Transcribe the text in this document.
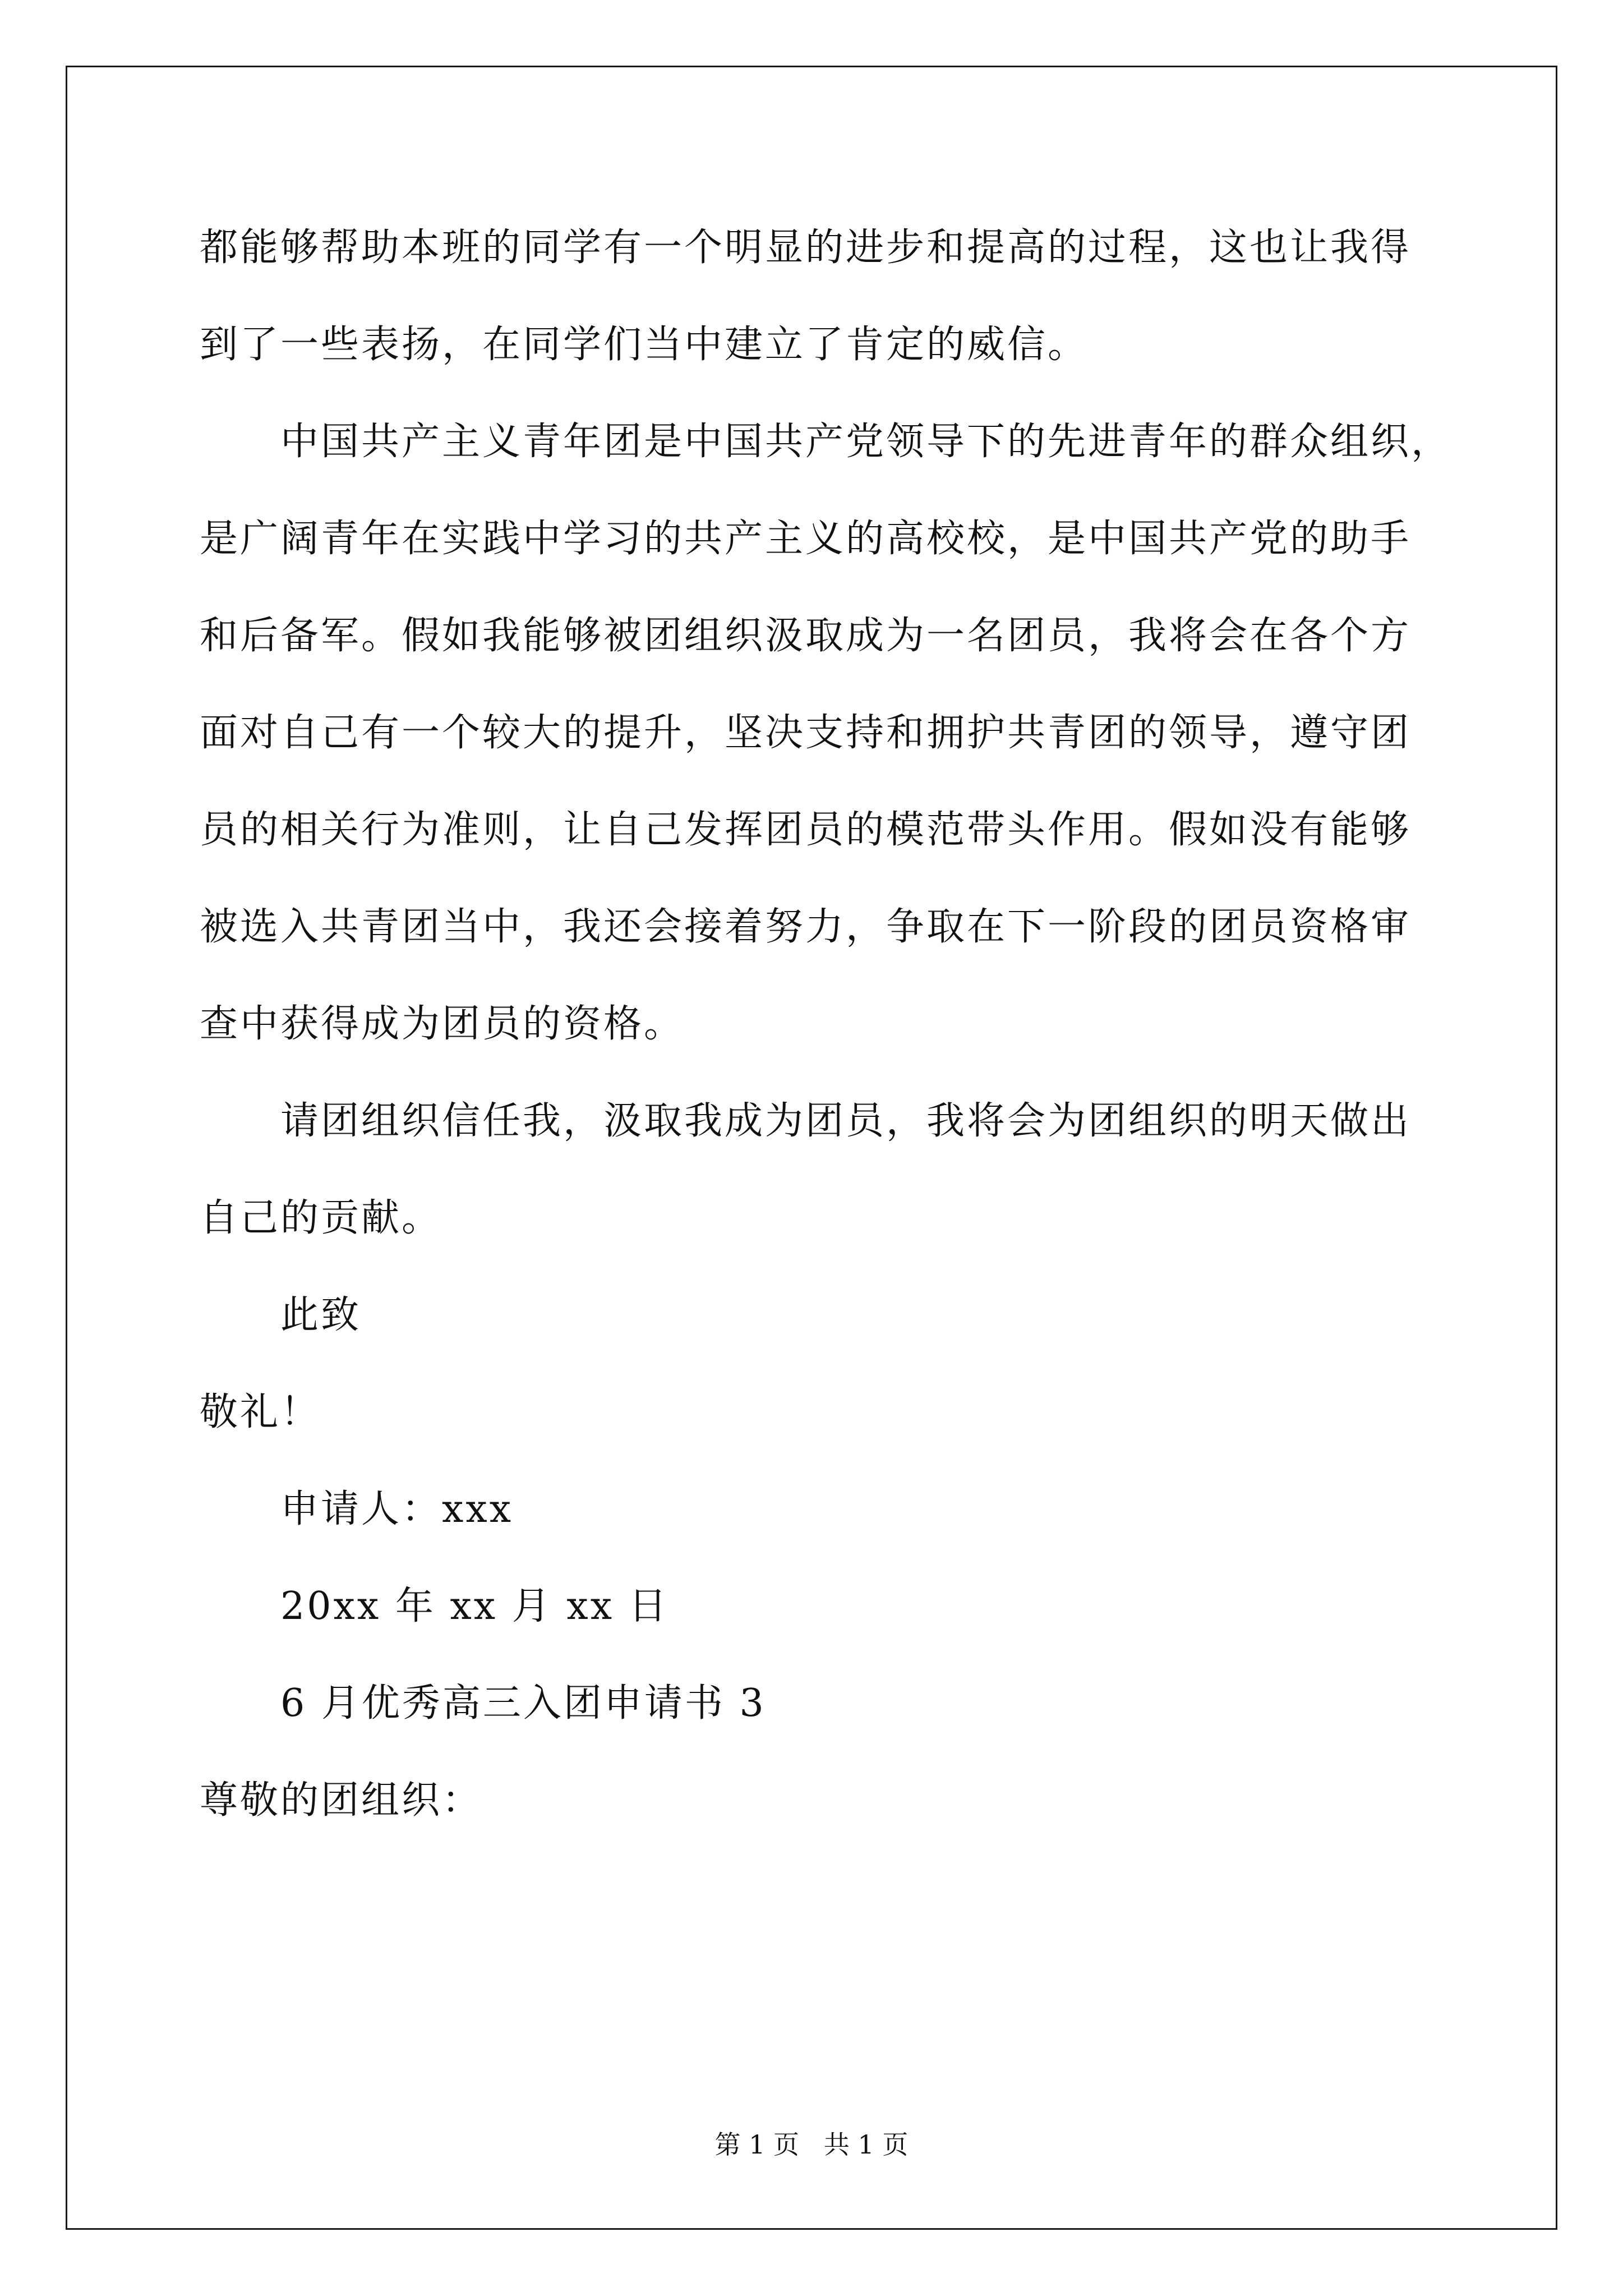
都能够帮助本班的同学有一个明显的进步和提高的过程，这也让我得
到了一些表扬，在同学们当中建立了肯定的威信。
中国共产主义青年团是中国共产党领导下的先进青年的群众组织，
是广阔青年在实践中学习的共产主义的高校校，是中国共产党的助手
和后备军。假如我能够被团组织汲取成为一名团员，我将会在各个方
面对自己有一个较大的提升，坚决支持和拥护共青团的领导，遵守团
员的相关行为准则，让自己发挥团员的模范带头作用。假如没有能够
被选入共青团当中，我还会接着努力，争取在下一阶段的团员资格审
查中获得成为团员的资格。
请团组织信任我，汲取我成为团员，我将会为团组织的明天做出
自己的贡献。
此致
敬礼！
申请人：xxx
20xx 年 xx 月 xx 日
6 月优秀高三入团申请书 3
尊敬的团组织：
第 1 页   共 1 页
